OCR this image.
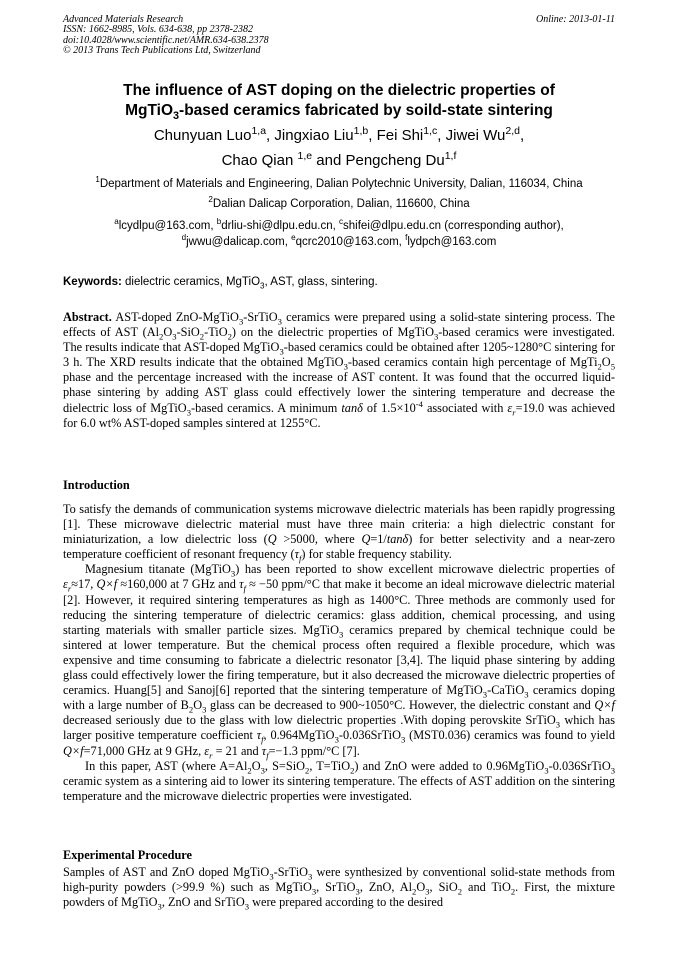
Advanced Materials Research
ISSN: 1662-8985, Vols. 634-638, pp 2378-2382
doi:10.4028/www.scientific.net/AMR.634-638.2378
© 2013 Trans Tech Publications Ltd, Switzerland
Online: 2013-01-11
The influence of AST doping on the dielectric properties of
MgTiO$_3$-based ceramics fabricated by soild-state sintering
Chunyuan Luo$^{1,a}$, Jingxiao Liu$^{1,b}$, Fei Shi$^{1,c}$, Jiwei Wu$^{2,d}$,
Chao Qian $^{1,e}$ and Pengcheng Du$^{1,f}$
$^1$Department of Materials and Engineering, Dalian Polytechnic University, Dalian, 116034, China
$^2$Dalian Dalicap Corporation, Dalian, 116600, China
$^a$lcydlpu@163.com, $^b$drliu-shi@dlpu.edu.cn, $^c$shifei@dlpu.edu.cn (corresponding author),
$^d$jwwu@dalicap.com, $^e$qcrc2010@163.com, $^f$lydpch@163.com
Keywords: dielectric ceramics, MgTiO$_3$, AST, glass, sintering.

Abstract. AST-doped ZnO-MgTiO$_3$-SrTiO$_3$ ceramics were prepared using a solid-state sintering process. The effects of AST $(Al_2O_3-SiO_2-TiO_2)$ on the dielectric properties of MgTiO$_3$-based ceramics were investigated. The results indicate that AST-doped MgTiO$_3$-based ceramics could be obtained after 1205~1280°C sintering for 3 h. The XRD results indicate that the obtained MgTiO$_3$-based ceramics contain high percentage of $MgTi_2O_5$ phase and the percentage increased with the increase of AST content. It was found that the occurred liquid-phase sintering by adding AST glass could effectively lower the sintering temperature and decrease the dielectric loss of MgTiO$_3$-based ceramics. A minimum tanδ of $1.5\times 10^{-4}$ associated with $\varepsilon_r=19.0$ was achieved for 6.0 wt% AST-doped samples sintered at 1255°C.

Introduction

To satisfy the demands of communication systems microwave dielectric materials has been rapidly progressing [1]. These microwave dielectric material must have three main criteria: a high dielectric constant for miniaturization, a low dielectric loss (Q >5000, where Q=1/tanδ) for better selectivity and a near-zero temperature coefficient of resonant frequency $(\tau_f)$ for stable frequency stability.

Magnesium titanate (MgTiO$_3$) has been reported to show excellent microwave dielectric properties of $\varepsilon_r\approx 17$, Q×f ≈160,000 at 7 GHz and $\tau_f \approx -50$ ppm/°C that make it become an ideal microwave dielectric material [2]. However, it required sintering temperatures as high as 1400°C. Three methods are commonly used for reducing the sintering temperature of dielectric ceramics: glass addition, chemical processing, and using starting materials with smaller particle sizes. MgTiO$_3$ ceramics prepared by chemical technique could be sintered at lower temperature. But the chemical process often required a flexible procedure, which was expensive and time consuming to fabricate a dielectric resonator [3,4]. The liquid phase sintering by adding glass could effectively lower the firing temperature, but it also decreased the microwave dielectric properties of ceramics. Huang[5] and Sanoj[6] reported that the sintering temperature of MgTiO$_3$-CaTiO$_3$ ceramics doping with a large number of $B_2O_3$ glass can be decreased to 900~1050°C. However, the dielectric constant and Q×f decreased seriously due to the glass with low dielectric properties .With doping perovskite SrTiO$_3$ which has larger positive temperature coefficient $\tau_f$, 0.964MgTiO$_3$-0.036SrTiO$_3$ (MST0.036) ceramics was found to yield Q×f=71,000 GHz at 9 GHz, $\varepsilon_r = 21$ and $\tau_f=-1.3$ ppm/°C [7].

In this paper, AST (where $A=Al_2O_3$, S=SiO$_2$, T=TiO$_2$) and ZnO were added to 0.96MgTiO$_3$-0.036SrTiO$_3$ ceramic system as a sintering aid to lower its sintering temperature. The effects of AST addition on the sintering temperature and the microwave dielectric properties were investigated.

Experimental Procedure

Samples of AST and ZnO doped MgTiO$_3$-SrTiO$_3$ were synthesized by conventional solid-state methods from high-purity powders (>99.9 %) such as MgTiO$_3$, SrTiO$_3$, ZnO, $Al_2O_3$, SiO$_2$ and TiO$_2$. First, the mixture powders of MgTiO$_3$, ZnO and SrTiO$_3$ were prepared according to the desired
